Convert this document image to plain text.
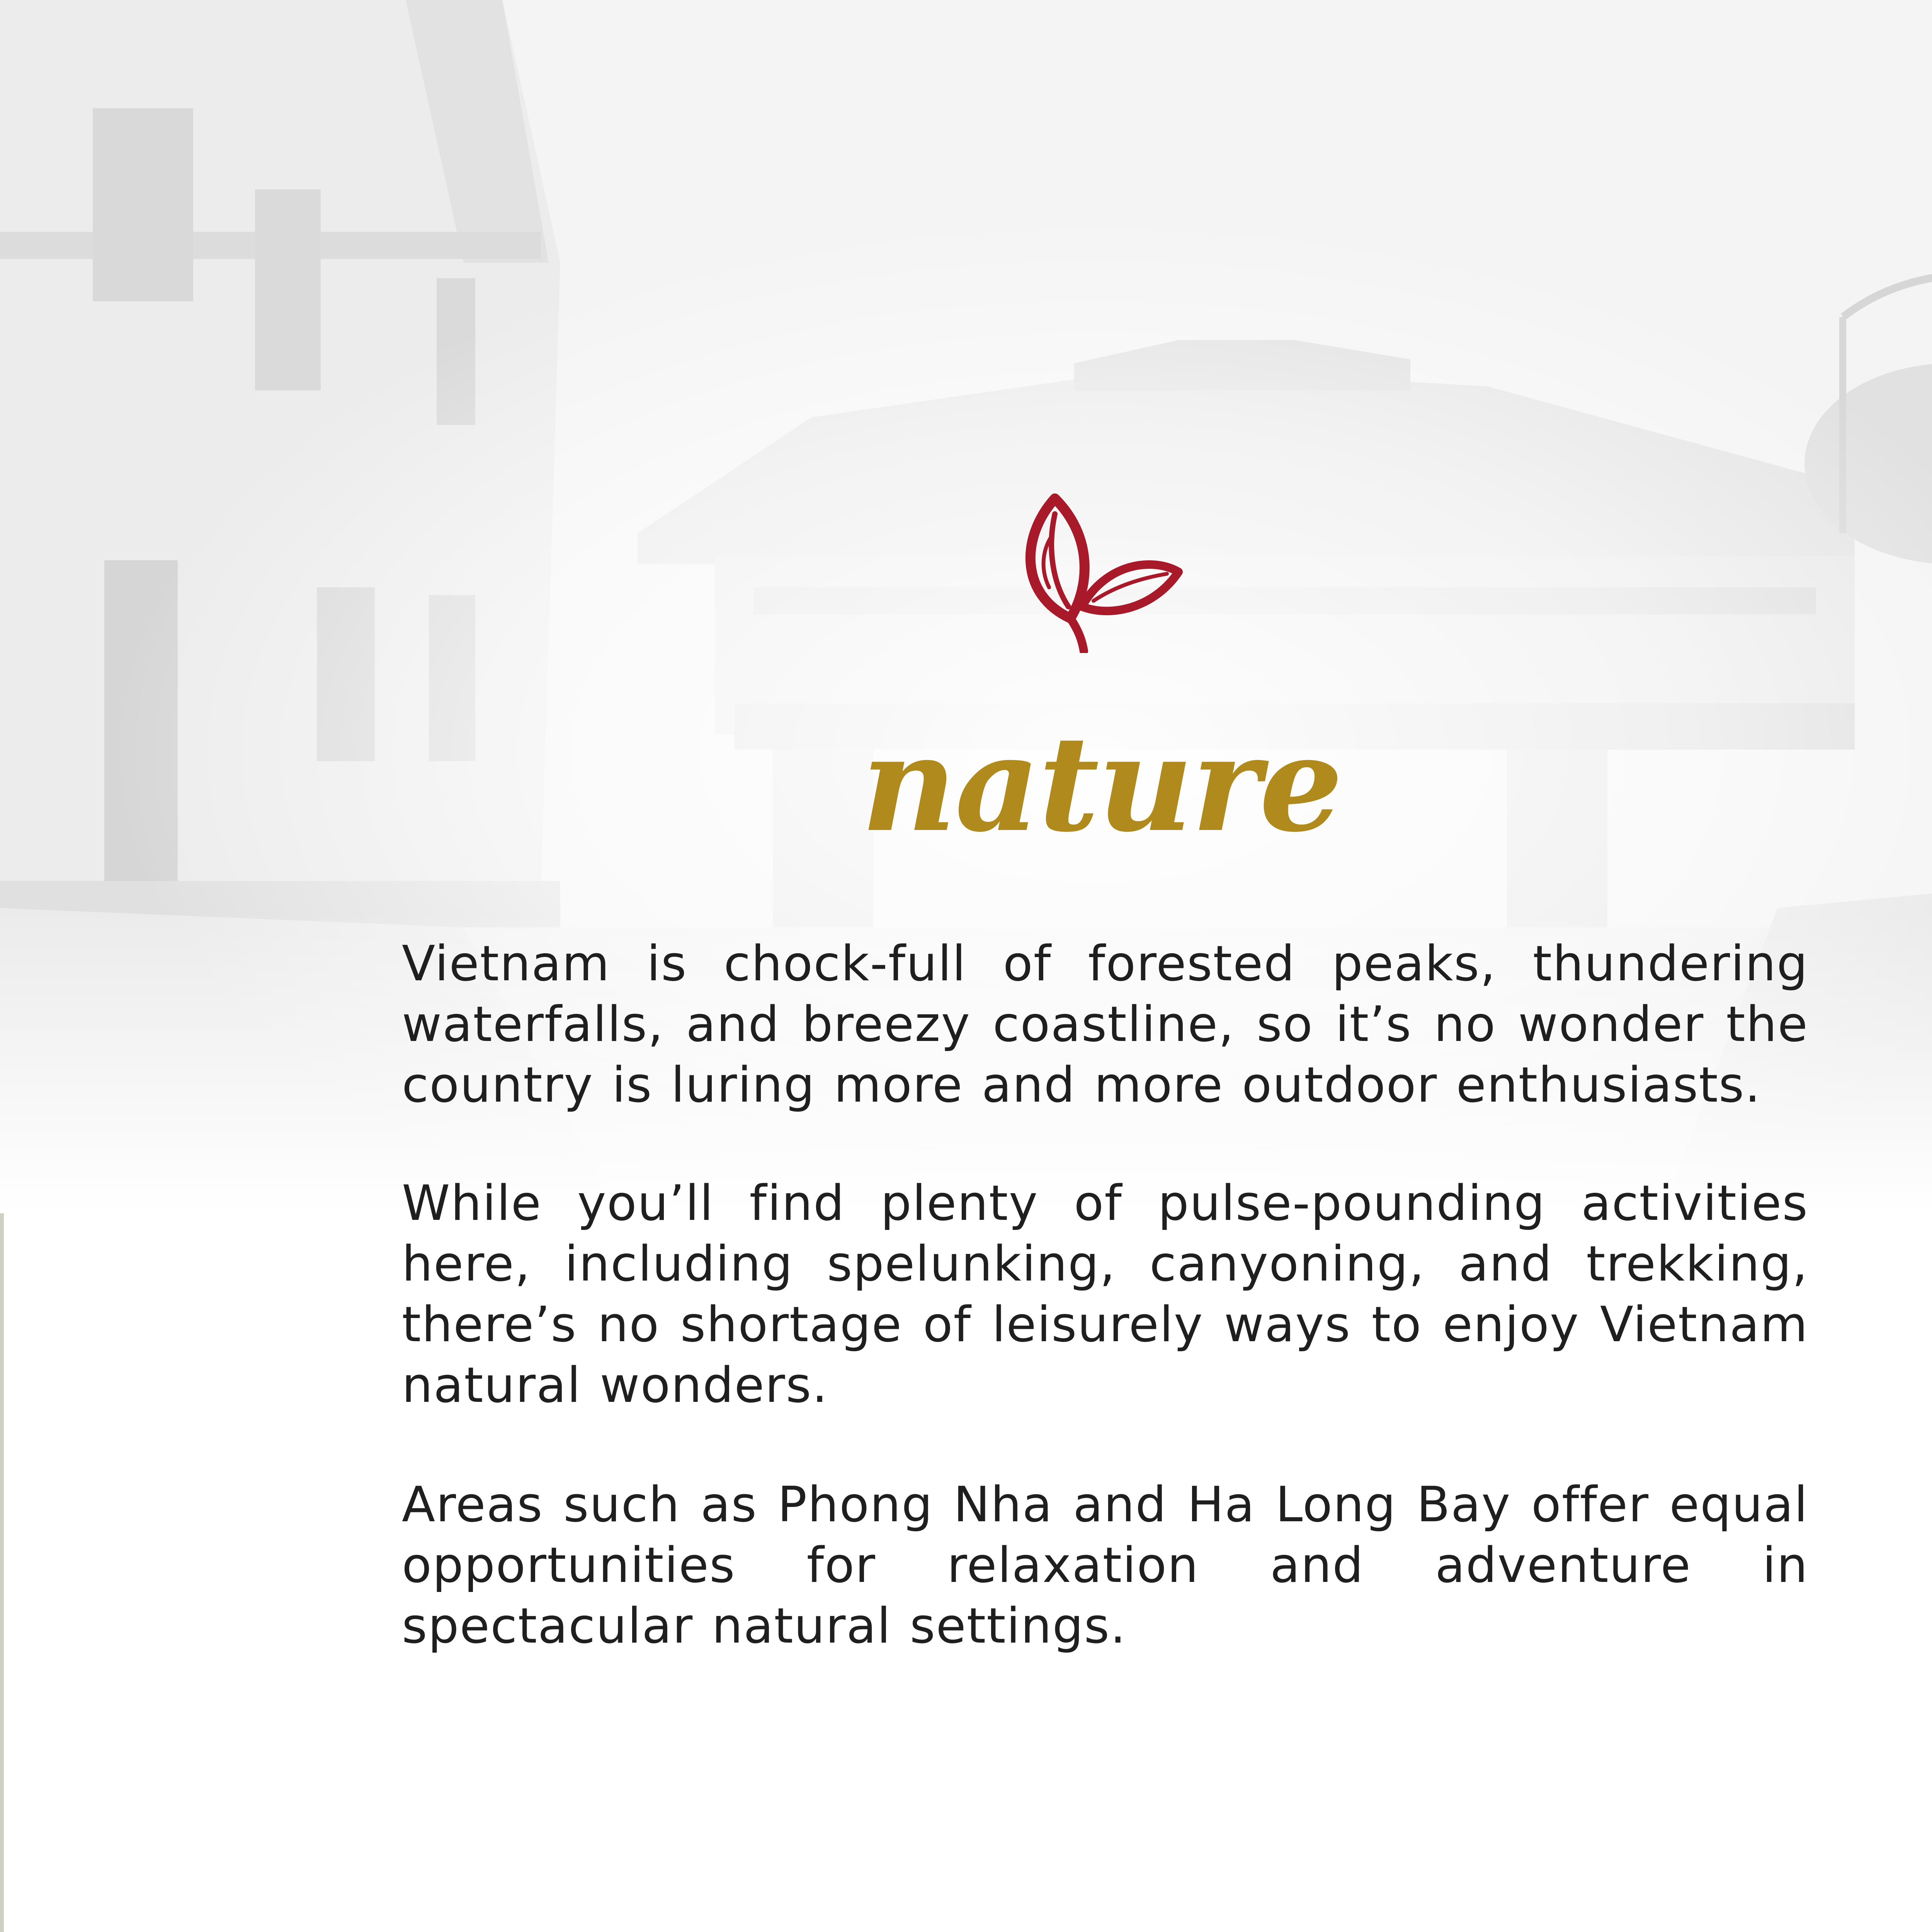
nature
Vietnam is chock-full of forested peaks, thundering waterfalls, and breezy coastline, so it’s no wonder the country is luring more and more outdoor enthusiasts.
While you’ll find plenty of pulse-pounding activities here, including spelunking, canyoning, and trekking, there’s no shortage of leisurely ways to enjoy Vietnam natural wonders.
Areas such as Phong Nha and Ha Long Bay offer equal opportunities for relaxation and adventure in spectacular natural settings.
